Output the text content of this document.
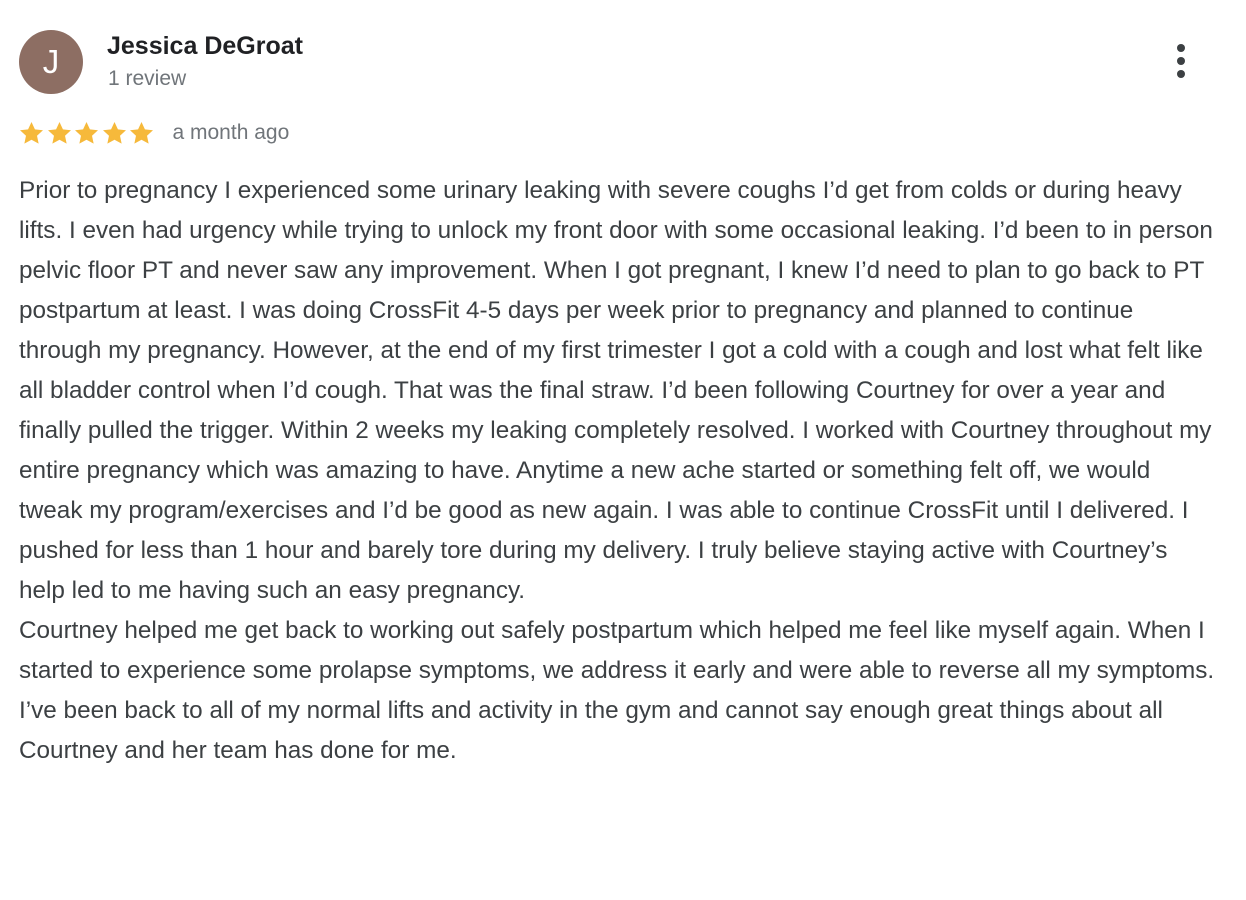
J	Jessica DeGroat
1 review
a month ago

Prior to pregnancy I experienced some urinary leaking with severe coughs I’d get from colds or during heavy lifts. I even had urgency while trying to unlock my front door with some occasional leaking. I’d been to in person pelvic floor PT and never saw any improvement. When I got pregnant, I knew I’d need to plan to go back to PT postpartum at least. I was doing CrossFit 4-5 days per week prior to pregnancy and planned to continue through my pregnancy. However, at the end of my first trimester I got a cold with a cough and lost what felt like all bladder control when I’d cough. That was the final straw. I’d been following Courtney for over a year and finally pulled the trigger. Within 2 weeks my leaking completely resolved. I worked with Courtney throughout my entire pregnancy which was amazing to have. Anytime a new ache started or something felt off, we would tweak my program/exercises and I’d be good as new again. I was able to continue CrossFit until I delivered. I pushed for less than 1 hour and barely tore during my delivery. I truly believe staying active with Courtney’s help led to me having such an easy pregnancy.

Courtney helped me get back to working out safely postpartum which helped me feel like myself again. When I started to experience some prolapse symptoms, we address it early and were able to reverse all my symptoms. I’ve been back to all of my normal lifts and activity in the gym and cannot say enough great things about all Courtney and her team has done for me.
